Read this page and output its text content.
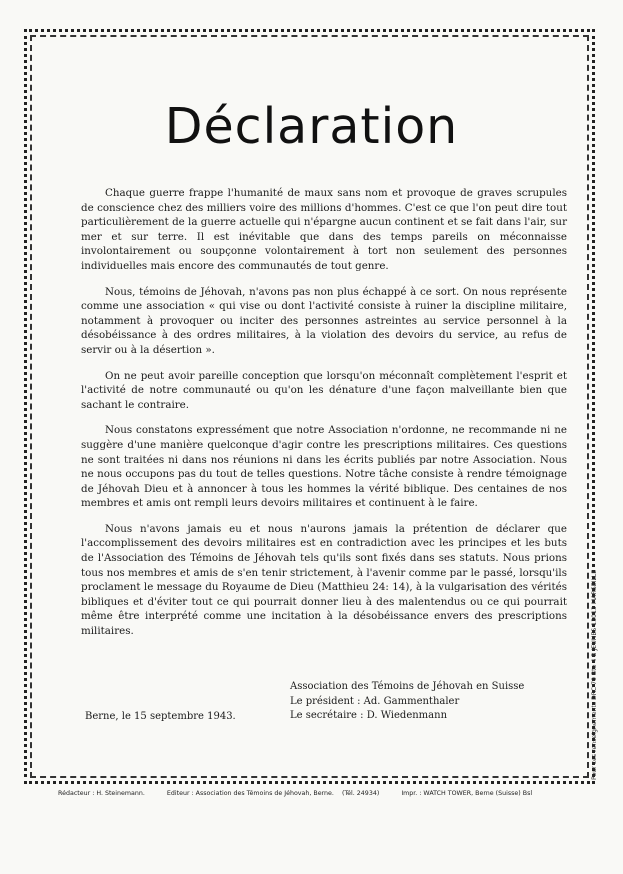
Déclaration

Chaque guerre frappe l'humanité de maux sans nom et provoque de graves scrupules de conscience chez des milliers voire des millions d'hommes. C'est ce que l'on peut dire tout particulièrement de la guerre actuelle qui n'épargne aucun continent et se fait dans l'air, sur mer et sur terre. Il est inévitable que dans des temps pareils on méconnaisse involontairement ou soupçonne volontairement à tort non seulement des personnes individuelles mais encore des communautés de tout genre.

Nous, témoins de Jéhovah, n'avons pas non plus échappé à ce sort. On nous représente comme une association « qui vise ou dont l'activité consiste à ruiner la discipline militaire, notamment à provoquer ou inciter des personnes astreintes au service personnel à la désobéissance à des ordres militaires, à la violation des devoirs du service, au refus de servir ou à la désertion ».

On ne peut avoir pareille conception que lorsqu'on méconnaît complètement l'esprit et l'activité de notre communauté ou qu'on les dénature d'une façon malveillante bien que sachant le contraire.

Nous constatons expressément que notre Association n'ordonne, ne recommande ni ne suggère d'une manière quelconque d'agir contre les prescriptions militaires. Ces questions ne sont traitées ni dans nos réunions ni dans les écrits publiés par notre Association. Nous ne nous occupons pas du tout de telles questions. Notre tâche consiste à rendre témoignage de Jéhovah Dieu et à annoncer à tous les hommes la vérité biblique. Des centaines de nos membres et amis ont rempli leurs devoirs militaires et continuent à le faire.

Nous n'avons jamais eu et nous n'aurons jamais la prétention de déclarer que l'accomplissement des devoirs militaires est en contradiction avec les principes et les buts de l'Association des Témoins de Jéhovah tels qu'ils sont fixés dans ses statuts. Nous prions tous nos membres et amis de s'en tenir strictement, à l'avenir comme par le passé, lorsqu'ils proclament le message du Royaume de Dieu (Matthieu 24: 14), à la vulgarisation des vérités bibliques et d'éviter tout ce qui pourrait donner lieu à des malentendus ou ce qui pourrait même être interprété comme une incitation à la désobéissance envers des prescriptions militaires.

Association des Témoins de Jéhovah en Suisse
Le président : Ad. Gammenthaler
Le secrétaire : D. Wiedenmann
Berne, le 15 septembre 1943.	Pour ces renseignements DRC 70 Bte 4 B JEUNES 13013 MARSEILLE
Rédacteur : H. Steinemann.	Editeur : Association des Témoins de Jéhovah, Berne. (Tél. 24934)	Impr. : WATCH TOWER, Berne (Suisse) Bsl
